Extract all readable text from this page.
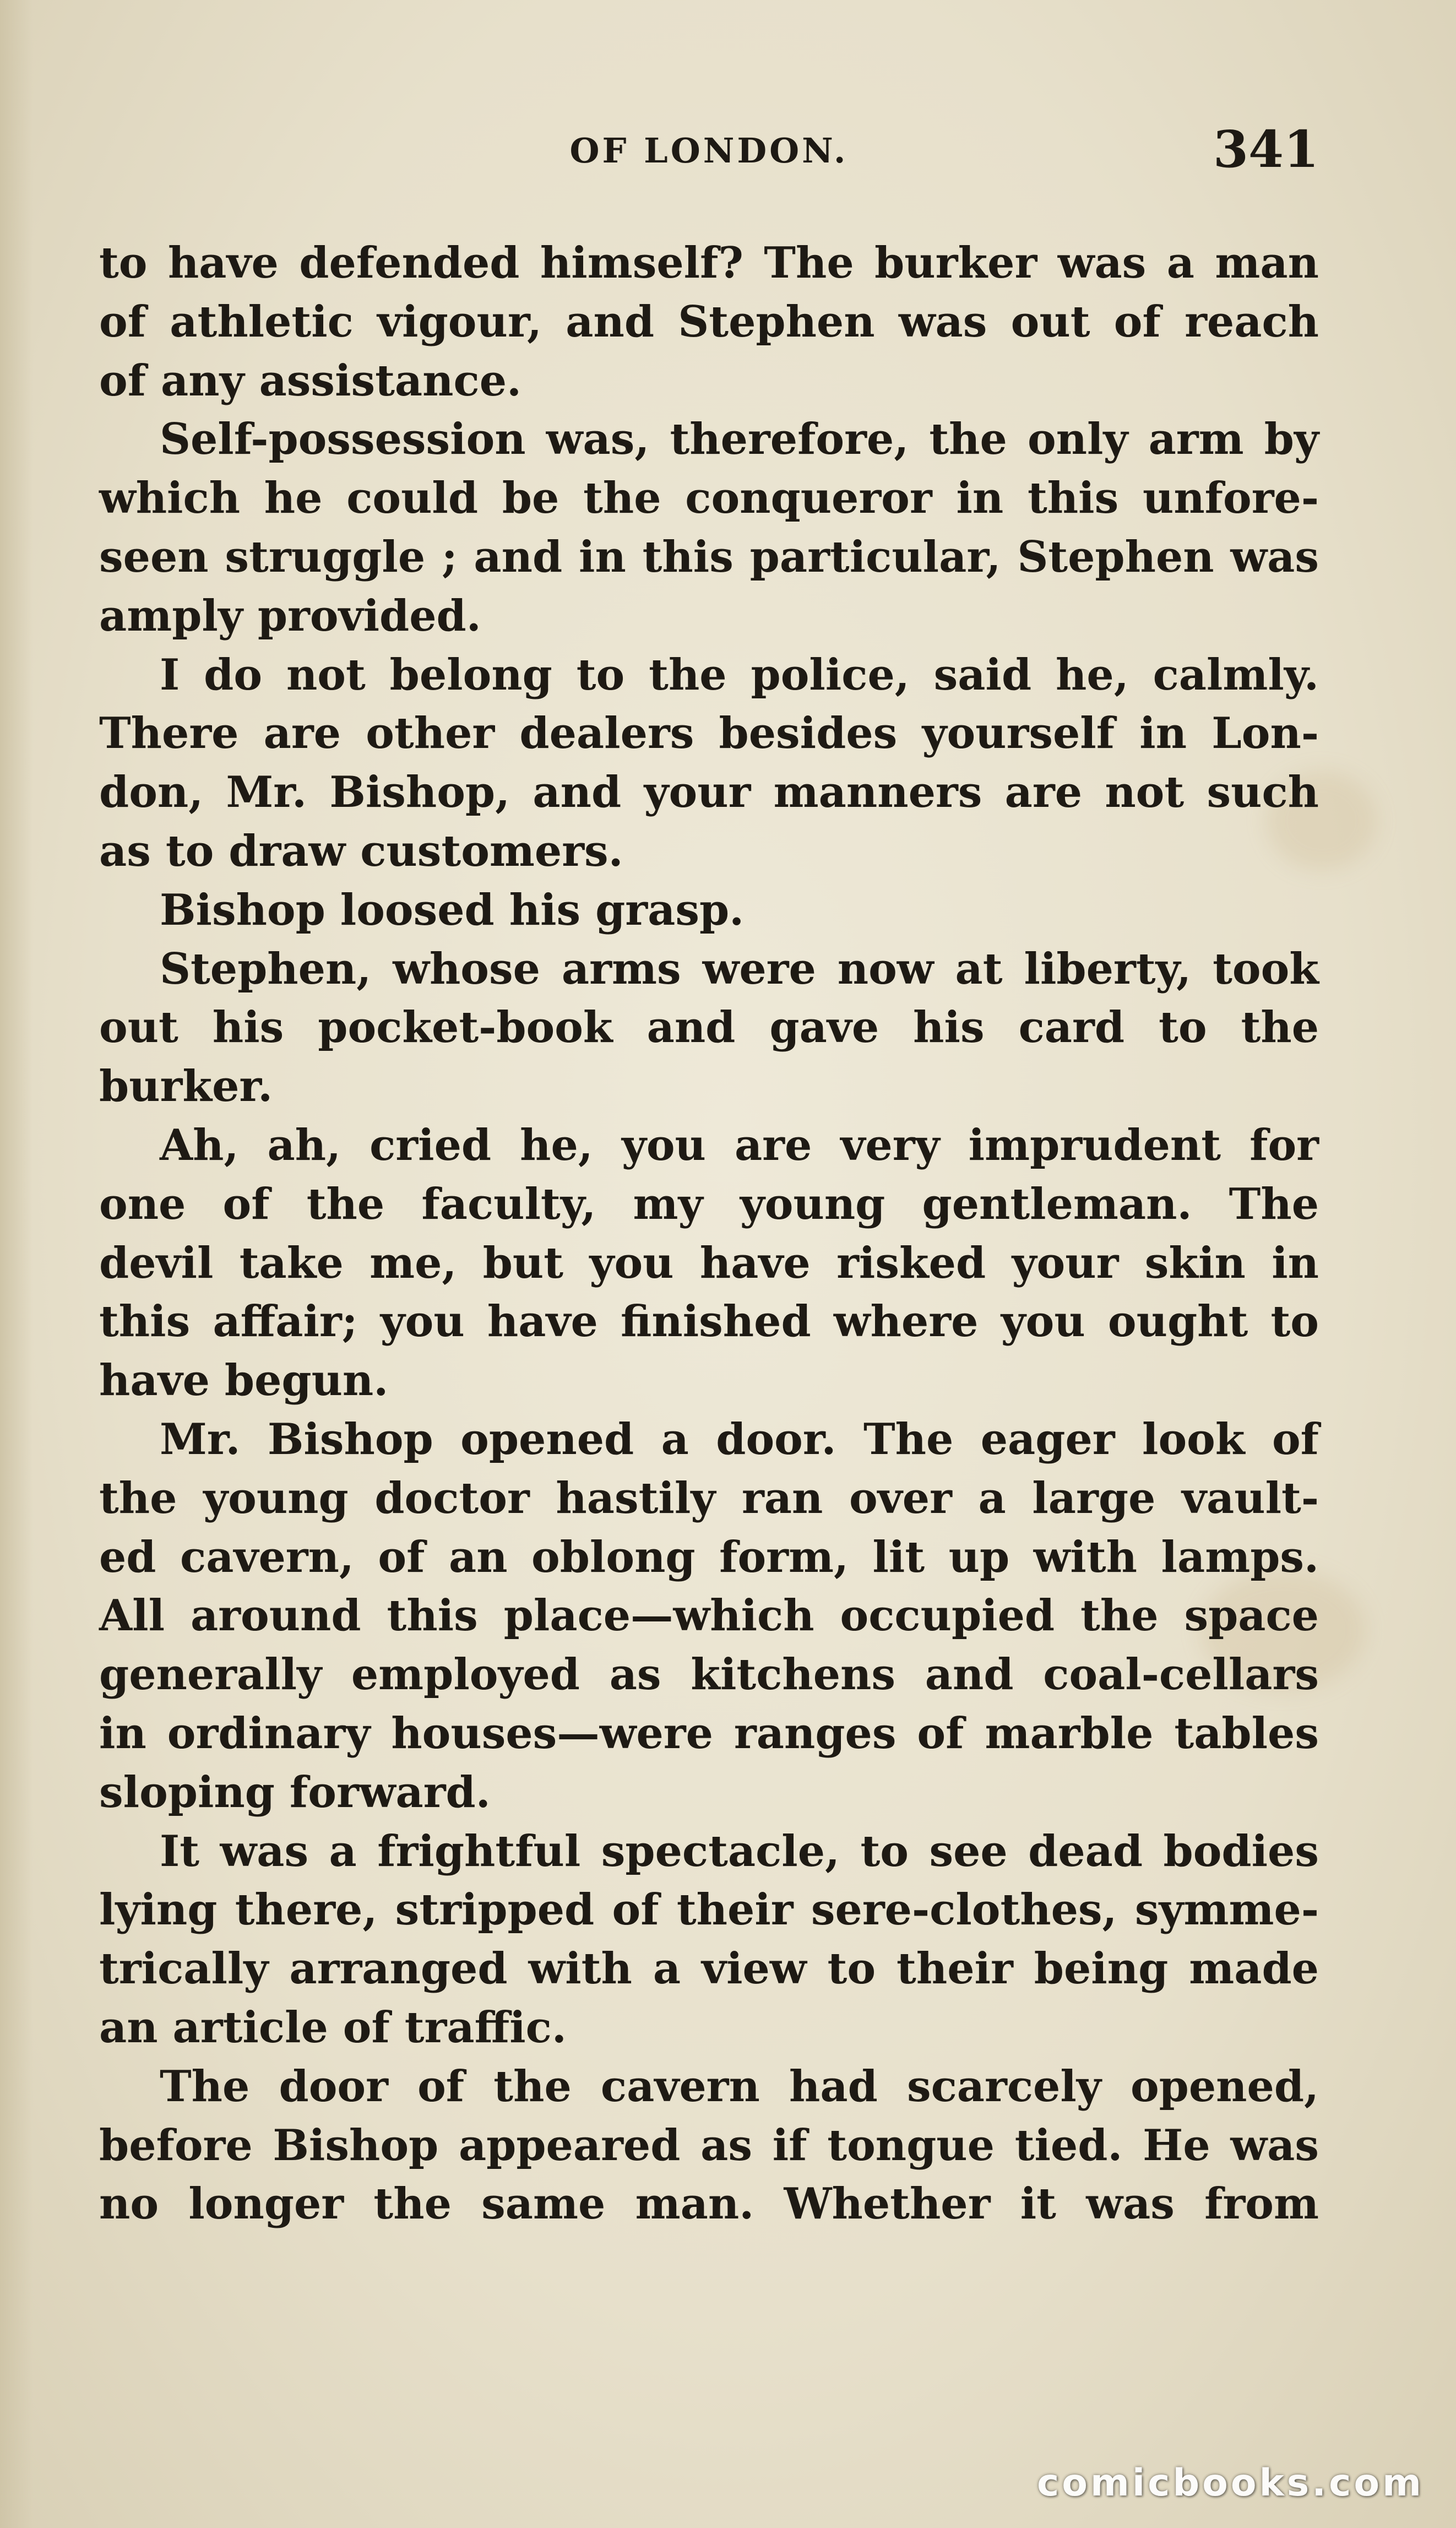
OF LONDON.	341
to have defended himself? The burker was a man
of athletic vigour, and Stephen was out of reach
of any assistance.
Self-possession was, therefore, the only arm by
which he could be the conqueror in this unfore-
seen struggle ; and in this particular, Stephen was
amply provided.
I do not belong to the police, said he, calmly.
There are other dealers besides yourself in Lon-
don, Mr. Bishop, and your manners are not such
as to draw customers.
Bishop loosed his grasp.
Stephen, whose arms were now at liberty, took
out his pocket-book and gave his card to the
burker.
Ah, ah, cried he, you are very imprudent for
one of the faculty, my young gentleman. The
devil take me, but you have risked your skin in
this affair; you have finished where you ought to
have begun.
Mr. Bishop opened a door. The eager look of
the young doctor hastily ran over a large vault-
ed cavern, of an oblong form, lit up with lamps.
All around this place—which occupied the space
generally employed as kitchens and coal-cellars
in ordinary houses—were ranges of marble tables
sloping forward.
It was a frightful spectacle, to see dead bodies
lying there, stripped of their sere-clothes, symme-
trically arranged with a view to their being made
an article of traffic.
The door of the cavern had scarcely opened,
before Bishop appeared as if tongue tied. He was
no longer the same man. Whether it was from
comicbooks.com
